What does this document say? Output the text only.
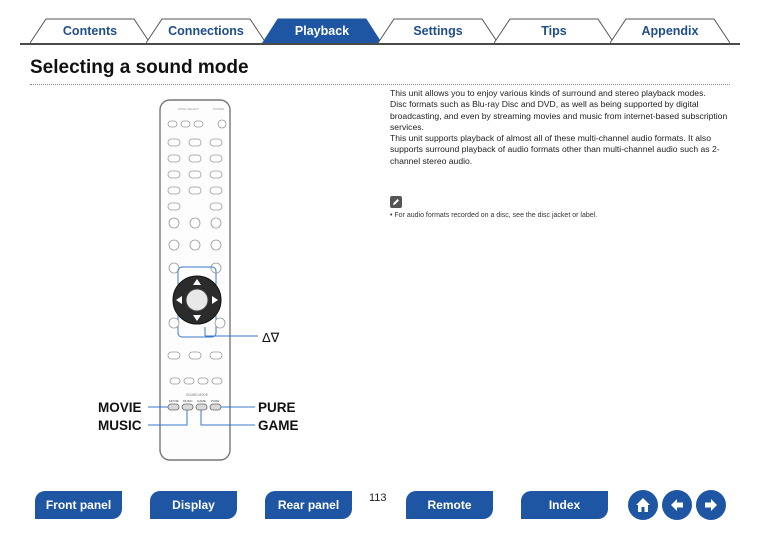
Contents	Connections	Playback	Settings	Tips	Appendix
Selecting a sound mode
ZONE SELECT	POWER
SOUND MODE
MOVIE MUSIC GAME PURE
MOVIE
MUSIC
PURE
GAME
Δ∇

This unit allows you to enjoy various kinds of surround and stereo playback modes.

Disc formats such as Blu-ray Disc and DVD, as well as being supported by digital broadcasting, and even by streaming movies and music from internet-based subscription services.

This unit supports playback of almost all of these multi-channel audio formats. It also supports surround playback of audio formats other than multi-channel audio such as 2-channel stereo audio.

• For audio formats recorded on a disc, see the disc jacket or label.
Front panel	Display	Rear panel	113	Remote	Index
